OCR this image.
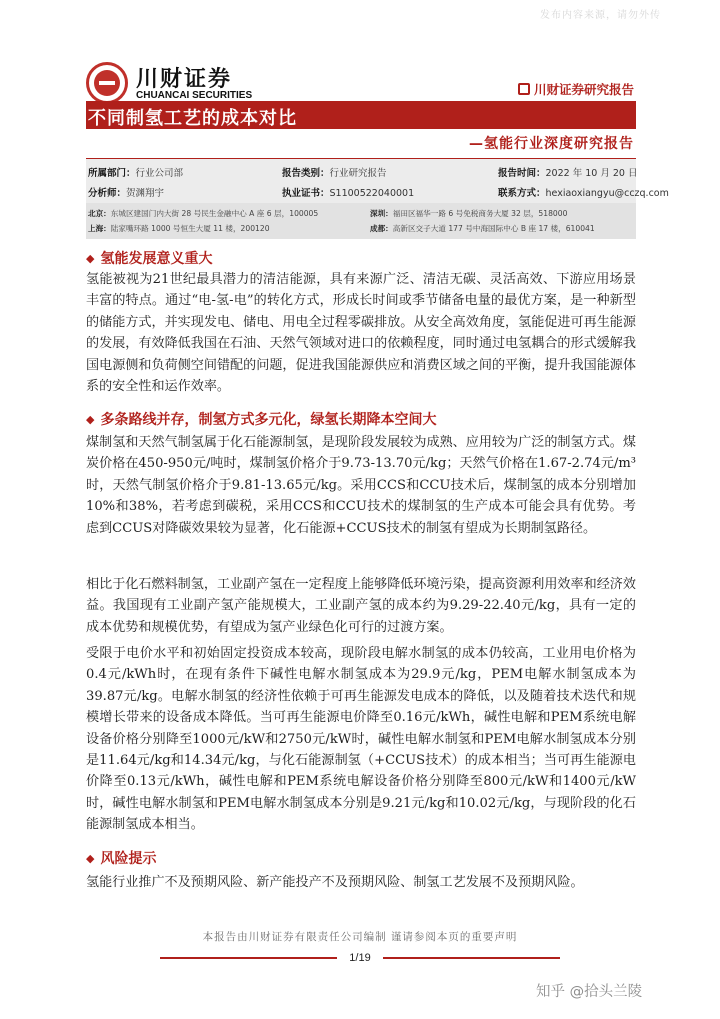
发布内容来源，请勿外传
川财证券
CHUANCAI SECURITIES	川财证券研究报告
不同制氢工艺的成本对比
—氢能行业深度研究报告
所属部门：行业公司部	报告类别：行业研究报告	报告时间：2022 年 10 月 20 日
分析师：贺渊翔宇	执业证书：S1100522040001	联系方式：hexiaoxiangyu@cczq.com
北京：东城区建国门内大街 28 号民生金融中心 A 座 6 层，100005	深圳：福田区福华一路 6 号免税商务大厦 32 层，518000
上海：陆家嘴环路 1000 号恒生大厦 11 楼，200120	成都：高新区交子大道 177 号中海国际中心 B 座 17 楼，610041
◆ 氢能发展意义重大
氢能被视为21世纪最具潜力的清洁能源，具有来源广泛、清洁无碳、灵活高效、下游应用场景丰富的特点。通过“电-氢-电”的转化方式，形成长时间或季节储备电量的最优方案，是一种新型的储能方式，并实现发电、储电、用电全过程零碳排放。从安全高效角度，氢能促进可再生能源的发展，有效降低我国在石油、天然气领域对进口的依赖程度，同时通过电氢耦合的形式缓解我国电源侧和负荷侧空间错配的问题，促进我国能源供应和消费区域之间的平衡，提升我国能源体系的安全性和运作效率。
◆ 多条路线并存，制氢方式多元化，绿氢长期降本空间大
煤制氢和天然气制氢属于化石能源制氢，是现阶段发展较为成熟、应用较为广泛的制氢方式。煤炭价格在450-950元/吨时，煤制氢价格介于9.73-13.70元/kg；天然气价格在1.67-2.74元/m³时，天然气制氢价格介于9.81-13.65元/kg。采用CCS和CCU技术后，煤制氢的成本分别增加10%和38%，若考虑到碳税，采用CCS和CCU技术的煤制氢的生产成本可能会具有优势。考虑到CCUS对降碳效果较为显著，化石能源+CCUS技术的制氢有望成为长期制氢路径。
相比于化石燃料制氢，工业副产氢在一定程度上能够降低环境污染，提高资源利用效率和经济效益。我国现有工业副产氢产能规模大，工业副产氢的成本约为9.29-22.40元/kg，具有一定的成本优势和规模优势，有望成为氢产业绿色化可行的过渡方案。
受限于电价水平和初始固定投资成本较高，现阶段电解水制氢的成本仍较高，工业用电价格为0.4元/kWh时，在现有条件下碱性电解水制氢成本为29.9元/kg，PEM电解水制氢成本为39.87元/kg。电解水制氢的经济性依赖于可再生能源发电成本的降低，以及随着技术迭代和规模增长带来的设备成本降低。当可再生能源电价降至0.16元/kWh，碱性电解和PEM系统电解设备价格分别降至1000元/kW和2750元/kW时，碱性电解水制氢和PEM电解水制氢成本分别是11.64元/kg和14.34元/kg，与化石能源制氢（+CCUS技术）的成本相当；当可再生能源电价降至0.13元/kWh，碱性电解和PEM系统电解设备价格分别降至800元/kW和1400元/kW时，碱性电解水制氢和PEM电解水制氢成本分别是9.21元/kg和10.02元/kg，与现阶段的化石能源制氢成本相当。
◆ 风险提示
氢能行业推广不及预期风险、新产能投产不及预期风险、制氢工艺发展不及预期风险。
本报告由川财证券有限责任公司编制 谨请参阅本页的重要声明
1/19
知乎 @拾头兰陵
